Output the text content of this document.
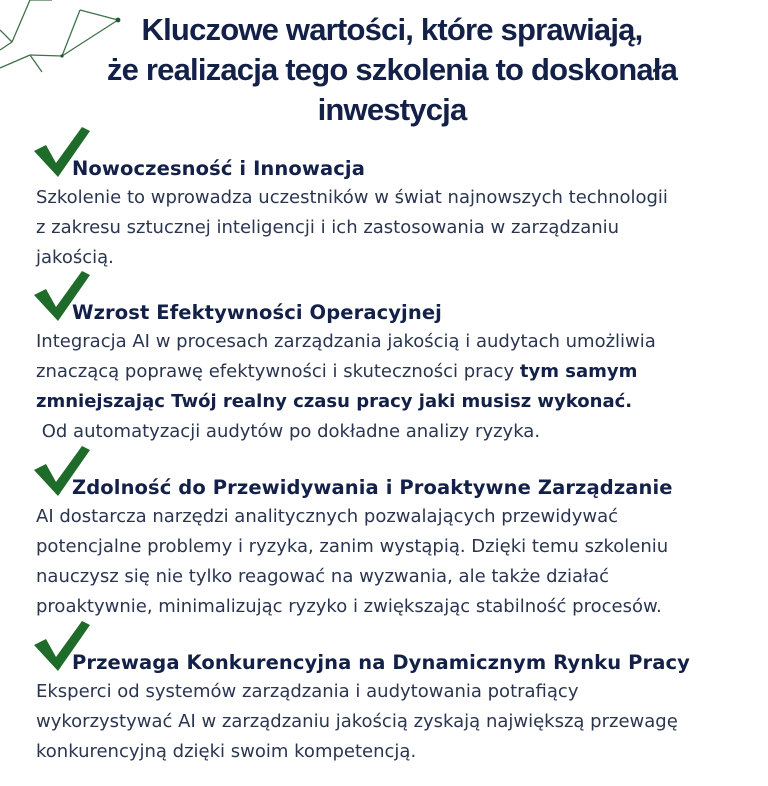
Kluczowe wartości, które sprawiają,
że realizacja tego szkolenia to doskonała
inwestycja
Nowoczesność i Innowacja
Szkolenie to wprowadza uczestników w świat najnowszych technologii
z zakresu sztucznej inteligencji i ich zastosowania w zarządzaniu
jakością.
Wzrost Efektywności Operacyjnej
Integracja AI w procesach zarządzania jakością i audytach umożliwia
znaczącą poprawę efektywności i skuteczności pracy tym samym
zmniejszając Twój realny czasu pracy jaki musisz wykonać.
Od automatyzacji audytów po dokładne analizy ryzyka.
Zdolność do Przewidywania i Proaktywne Zarządzanie
AI dostarcza narzędzi analitycznych pozwalających przewidywać
potencjalne problemy i ryzyka, zanim wystąpią. Dzięki temu szkoleniu
nauczysz się nie tylko reagować na wyzwania, ale także działać
proaktywnie, minimalizując ryzyko i zwiększając stabilność procesów.
Przewaga Konkurencyjna na Dynamicznym Rynku Pracy
Eksperci od systemów zarządzania i audytowania potrafiący
wykorzystywać AI w zarządzaniu jakością zyskają największą przewagę
konkurencyjną dzięki swoim kompetencją.
